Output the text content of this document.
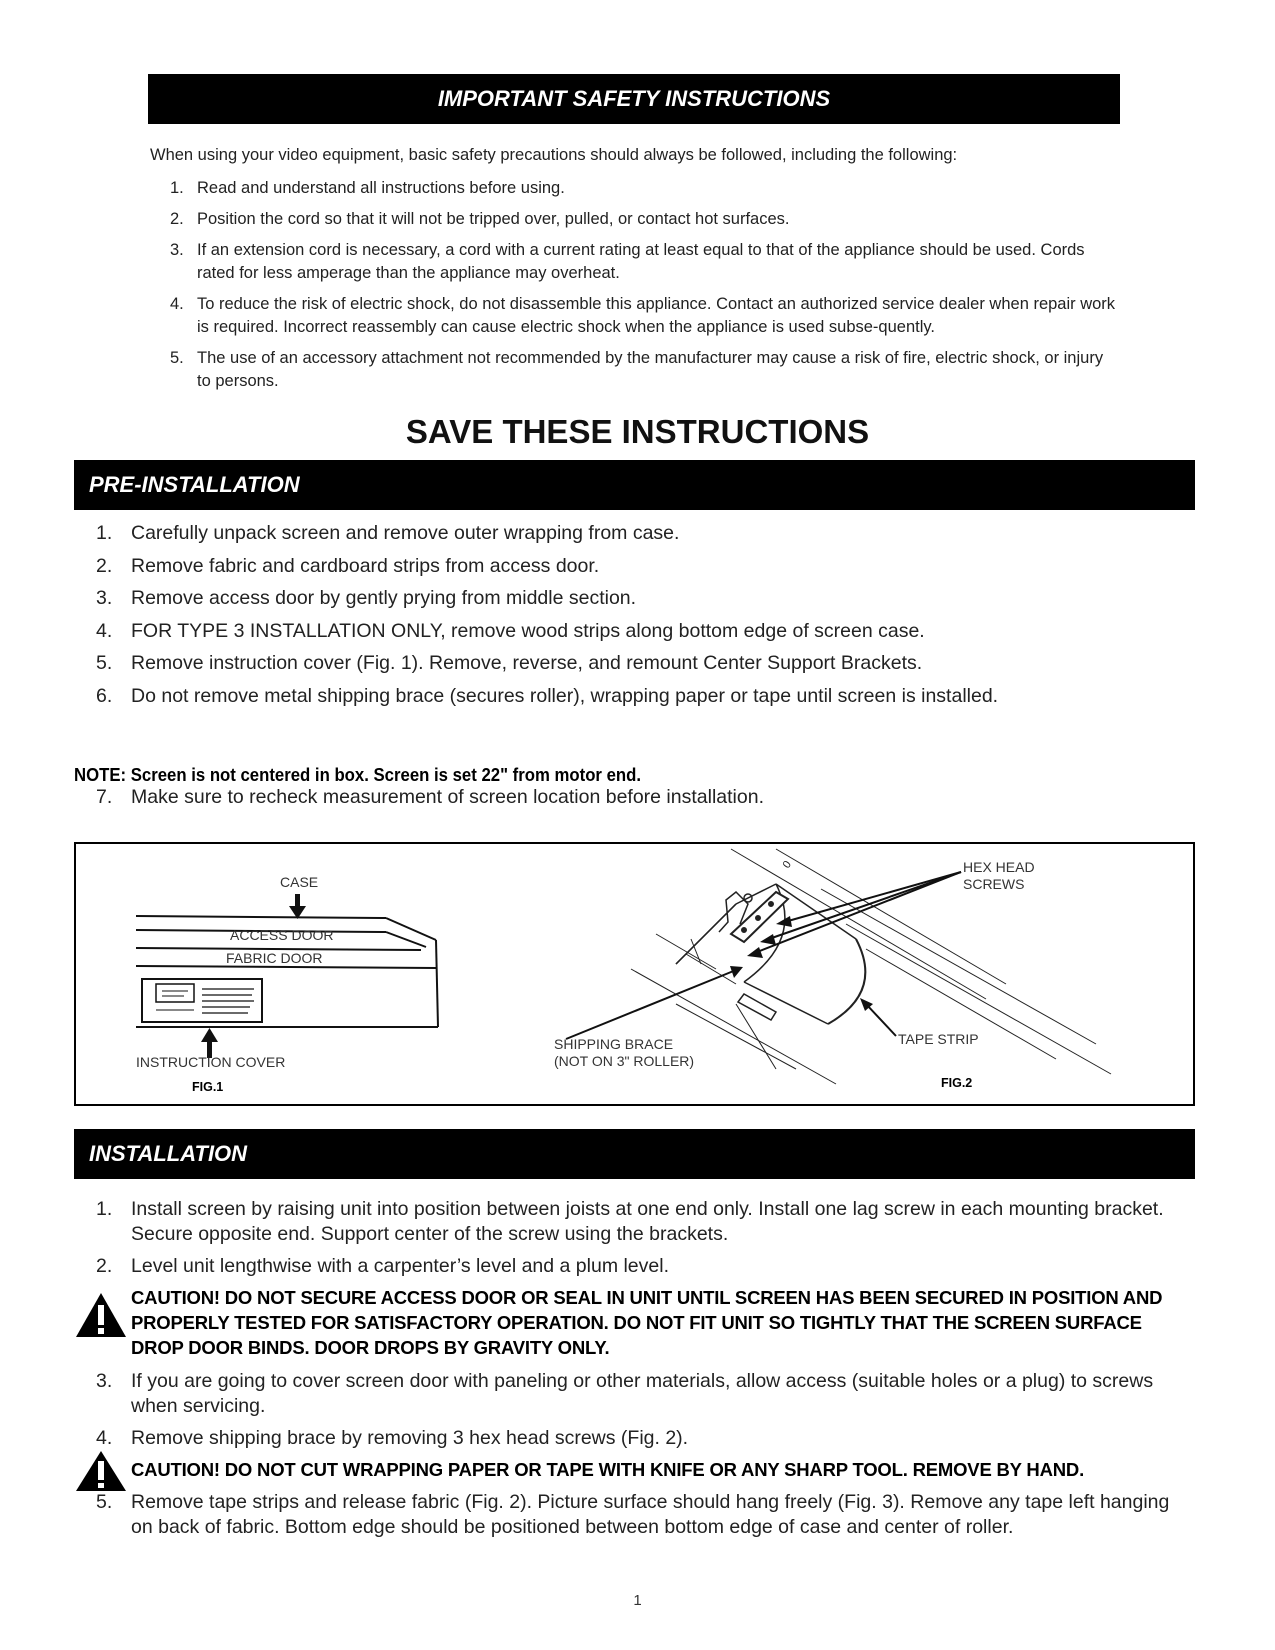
IMPORTANT SAFETY INSTRUCTIONS
When using your video equipment, basic safety precautions should always be followed, including the following:
1. Read and understand all instructions before using.
2. Position the cord so that it will not be tripped over, pulled, or contact hot surfaces.
3. If an extension cord is necessary, a cord with a current rating at least equal to that of the appliance should be used. Cords rated for less amperage than the appliance may overheat.
4. To reduce the risk of electric shock, do not disassemble this appliance. Contact an authorized service dealer when repair work is required. Incorrect reassembly can cause electric shock when the appliance is used subse-quently.
5. The use of an accessory attachment not recommended by the manufacturer may cause a risk of fire, electric shock, or injury to persons.
SAVE THESE INSTRUCTIONS
PRE-INSTALLATION
1. Carefully unpack screen and remove outer wrapping from case.
2. Remove fabric and cardboard strips from access door.
3. Remove access door by gently prying from middle section.
4. FOR TYPE 3 INSTALLATION ONLY, remove wood strips along bottom edge of screen case.
5. Remove instruction cover (Fig. 1). Remove, reverse, and remount Center Support Brackets.
6. Do not remove metal shipping brace (secures roller), wrapping paper or tape until screen is installed.
NOTE: Screen is not centered in box. Screen is set 22" from motor end.
7. Make sure to recheck measurement of screen location before installation.
0
CASE
ACCESS DOOR
FABRIC DOOR
INSTRUCTION COVER
FIG.1
HEX HEAD
SCREWS
SHIPPING BRACE
(NOT ON 3" ROLLER)
TAPE STRIP
FIG.2
INSTALLATION
1. Install screen by raising unit into position between joists at one end only. Install one lag screw in each mounting bracket. Secure opposite end. Support center of the screw using the brackets.
2. Level unit lengthwise with a carpenter’s level and a plum level.
CAUTION! DO NOT SECURE ACCESS DOOR OR SEAL IN UNIT UNTIL SCREEN HAS BEEN SECURED IN POSITION AND PROPERLY TESTED FOR SATISFACTORY OPERATION. DO NOT FIT UNIT SO TIGHTLY THAT THE SCREEN SURFACE DROP DOOR BINDS. DOOR DROPS BY GRAVITY ONLY.
3. If you are going to cover screen door with paneling or other materials, allow access (suitable holes or a plug) to screws when servicing.
4. Remove shipping brace by removing 3 hex head screws (Fig. 2).
CAUTION! DO NOT CUT WRAPPING PAPER OR TAPE WITH KNIFE OR ANY SHARP TOOL. REMOVE BY HAND.
5. Remove tape strips and release fabric (Fig. 2). Picture surface should hang freely (Fig. 3). Remove any tape left hanging on back of fabric. Bottom edge should be positioned between bottom edge of case and center of roller.
1
